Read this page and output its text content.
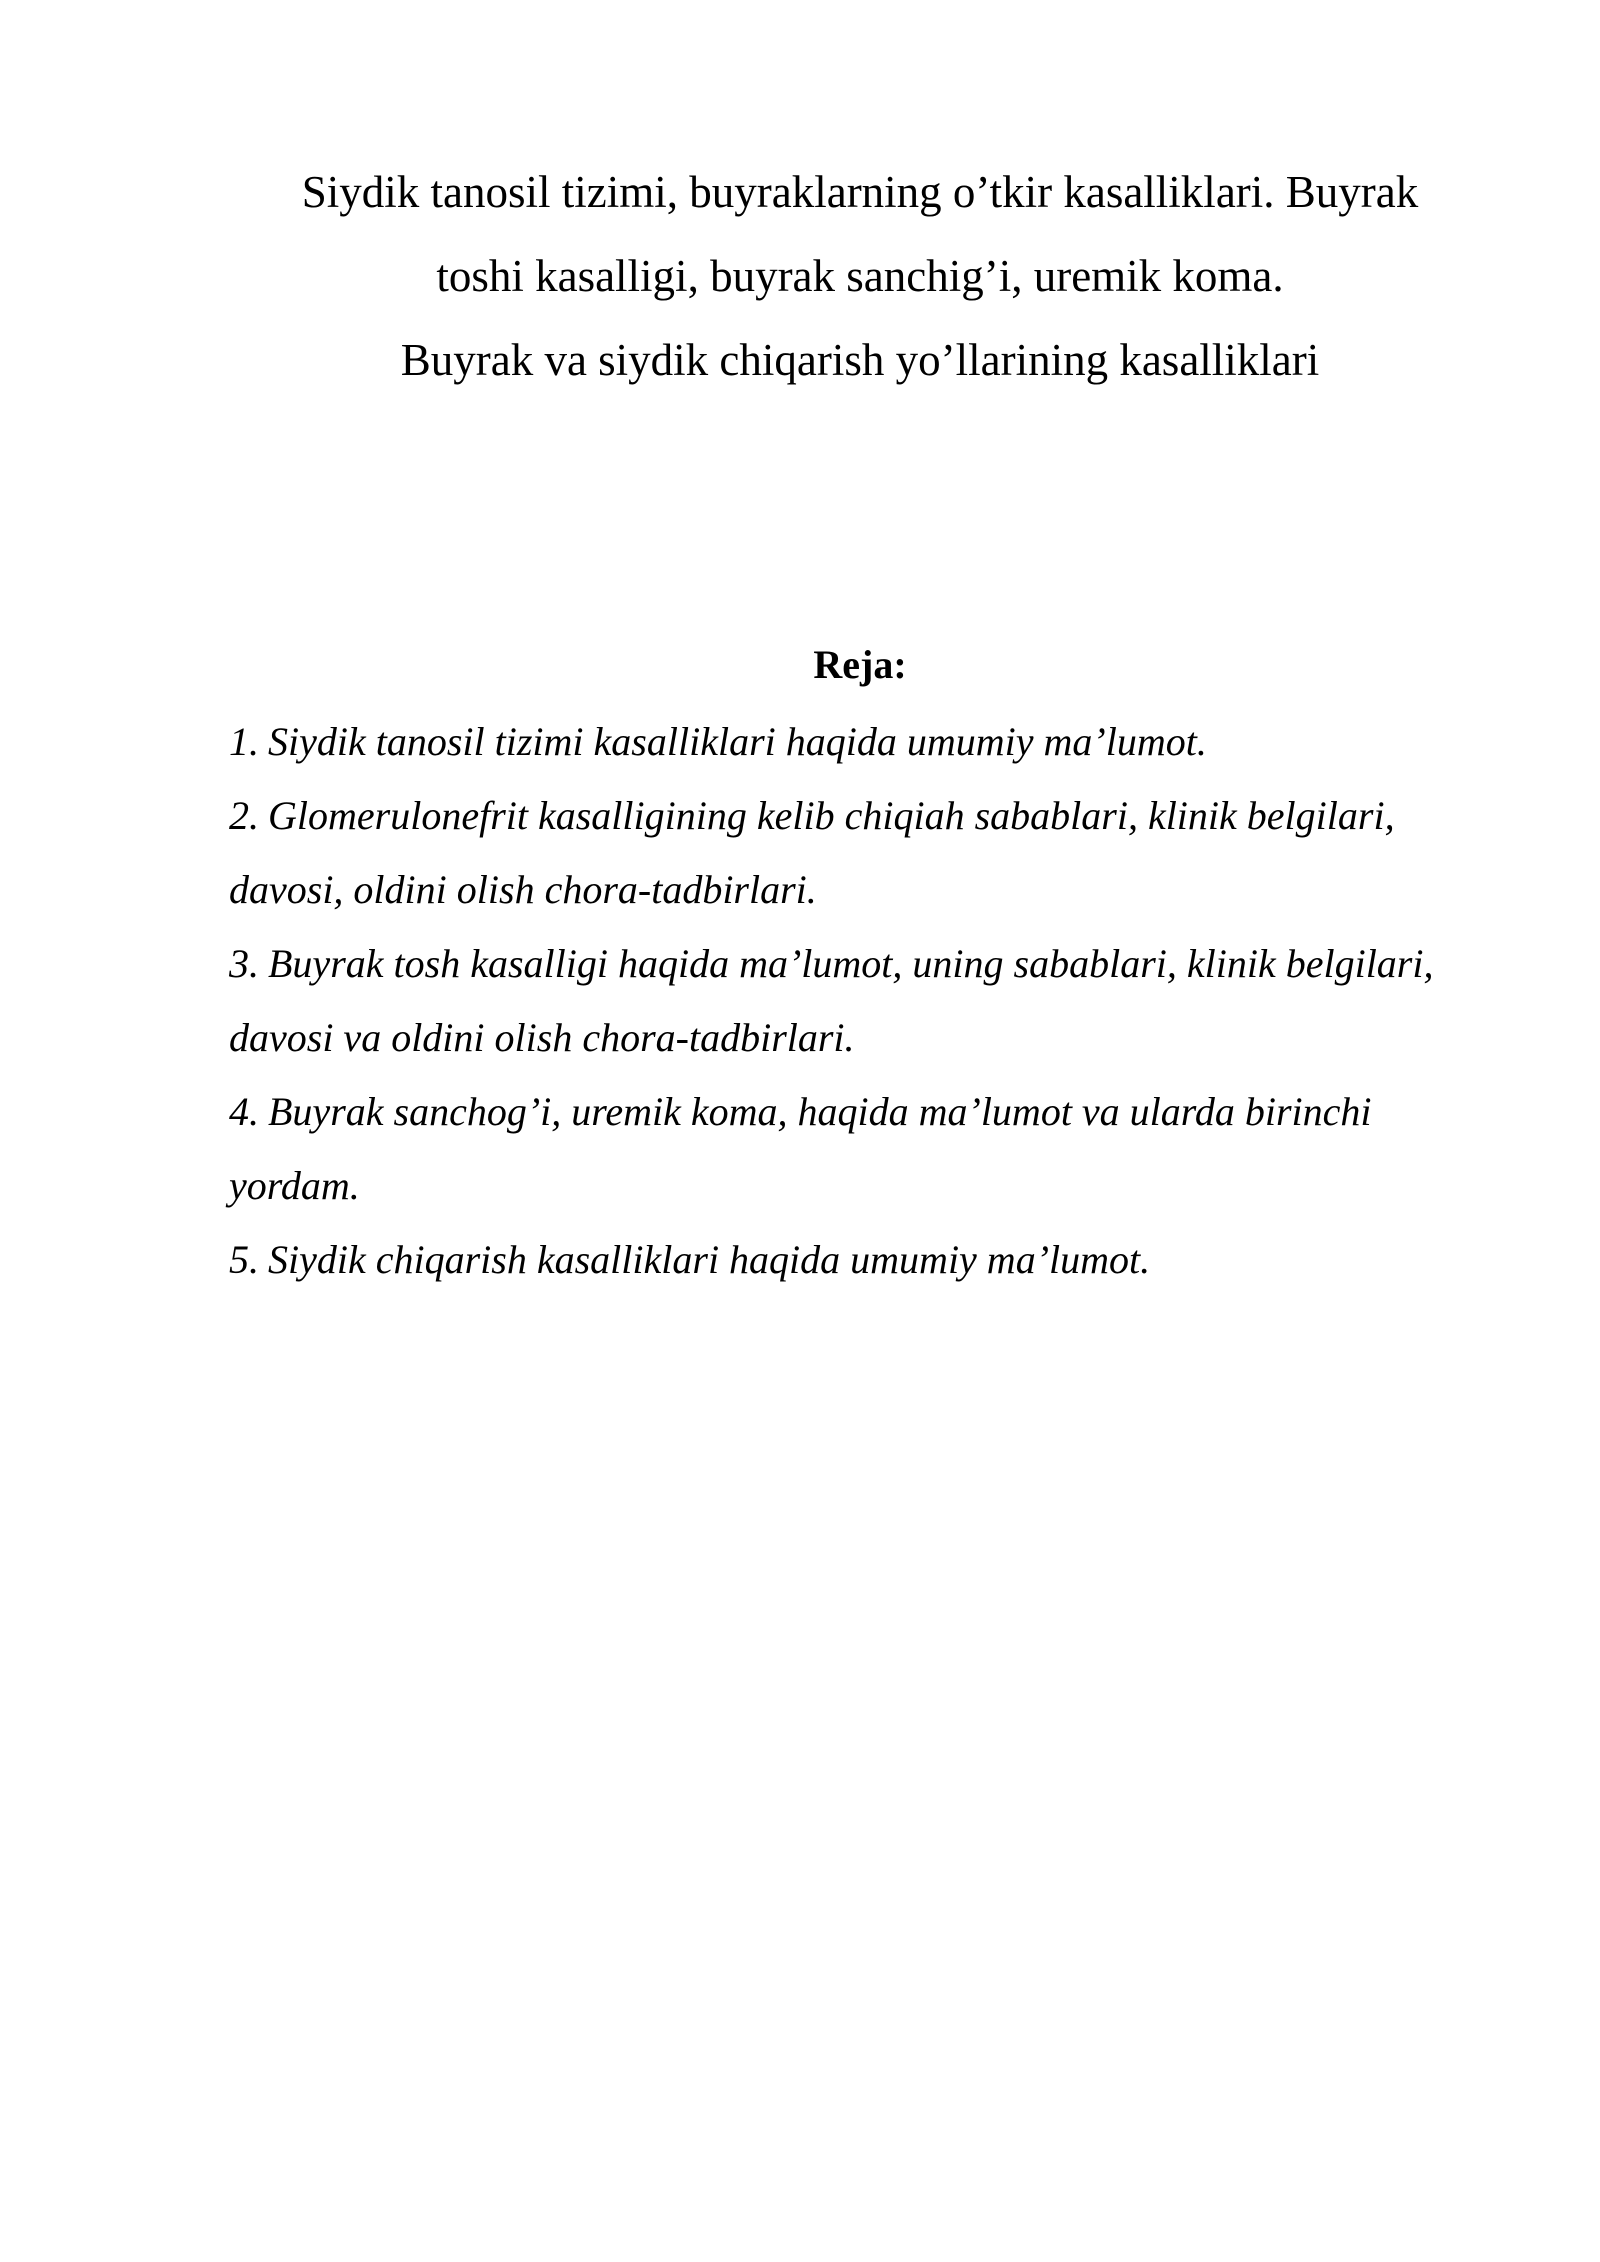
Siydik tanosil tizimi, buyraklarning o’tkir kasalliklari. Buyrak
toshi kasalligi, buyrak sanchig’i, uremik koma.
Buyrak va siydik chiqarish yo’llarining kasalliklari
Reja:
1. Siydik tanosil tizimi kasalliklari haqida umumiy ma’lumot.
2. Glomerulonefrit kasalligining kelib chiqiah sabablari, klinik belgilari, davosi, oldini olish chora-tadbirlari.
3. Buyrak tosh kasalligi haqida ma’lumot, uning sabablari, klinik belgilari, davosi va oldini olish chora-tadbirlari.
4. Buyrak sanchog’i, uremik koma, haqida ma’lumot va ularda birinchi yordam.
5. Siydik chiqarish kasalliklari haqida umumiy ma’lumot.
